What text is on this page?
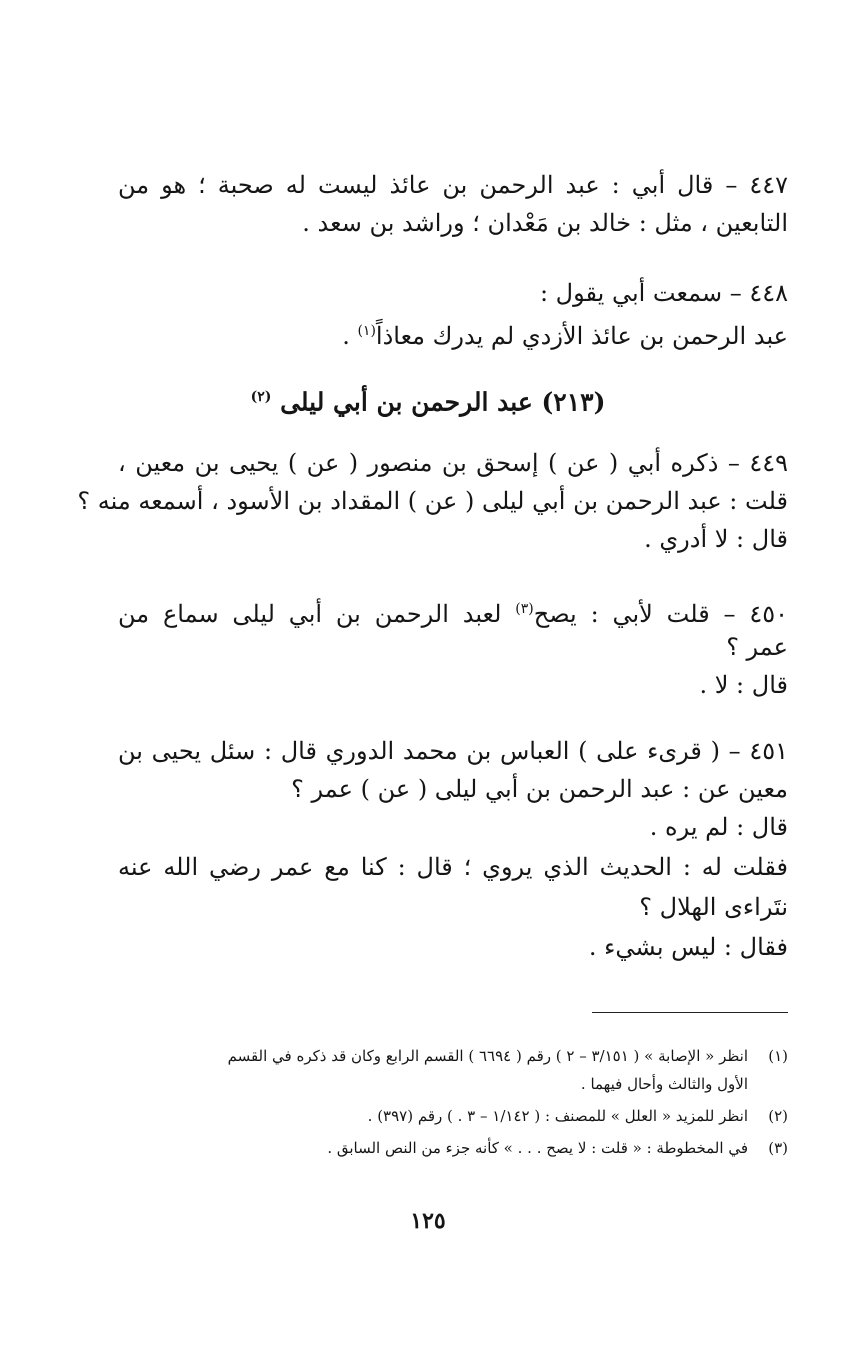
٤٤٧ – قال أبي : عبد الرحمن بن عائذ ليست له صحبة ؛ هو من
التابعين ، مثل : خالد بن مَعْدان ؛ وراشد بن سعد .
٤٤٨ – سمعت أبي يقول :
عبد الرحمن بن عائذ الأزدي لم يدرك معاذاً$^{(١)}$ .
(٢١٣) عبد الرحمن بن أبي ليلى $^{(٢)}$
٤٤٩ – ذكره أبي ( عن ) إسحق بن منصور ( عن ) يحيى بن معين ،
قلت : عبد الرحمن بن أبي ليلى ( عن ) المقداد بن الأسود ، أسمعه منه ؟
قال : لا أدري .
٤٥٠ – قلت لأبي : يصح$^{(٣)}$ لعبد الرحمن بن أبي ليلى سماع من
عمر ؟
قال : لا .
٤٥١ – ( قرىء على ) العباس بن محمد الدوري قال : سئل يحيى بن
معين عن : عبد الرحمن بن أبي ليلى ( عن ) عمر ؟
قال : لم يره .
فقلت له : الحديث الذي يروي ؛ قال : كنا مع عمر رضي الله عنه
نتَراءى الهلال ؟
فقال : ليس بشيء .
(١)انظر « الإصابة » ( ٣/١٥١ – ٢ ) رقم ( ٦٦٩٤ ) القسم الرابع وكان قد ذكره في القسم
الأول والثالث وأحال فيهما .
(٢)انظر للمزيد « العلل » للمصنف : ( ١/١٤٢ – ٣ . ) رقم (٣٩٧) .
(٣)في المخطوطة : « قلت : لا يصح . . . » كأنه جزء من النص السابق .
١٢٥
